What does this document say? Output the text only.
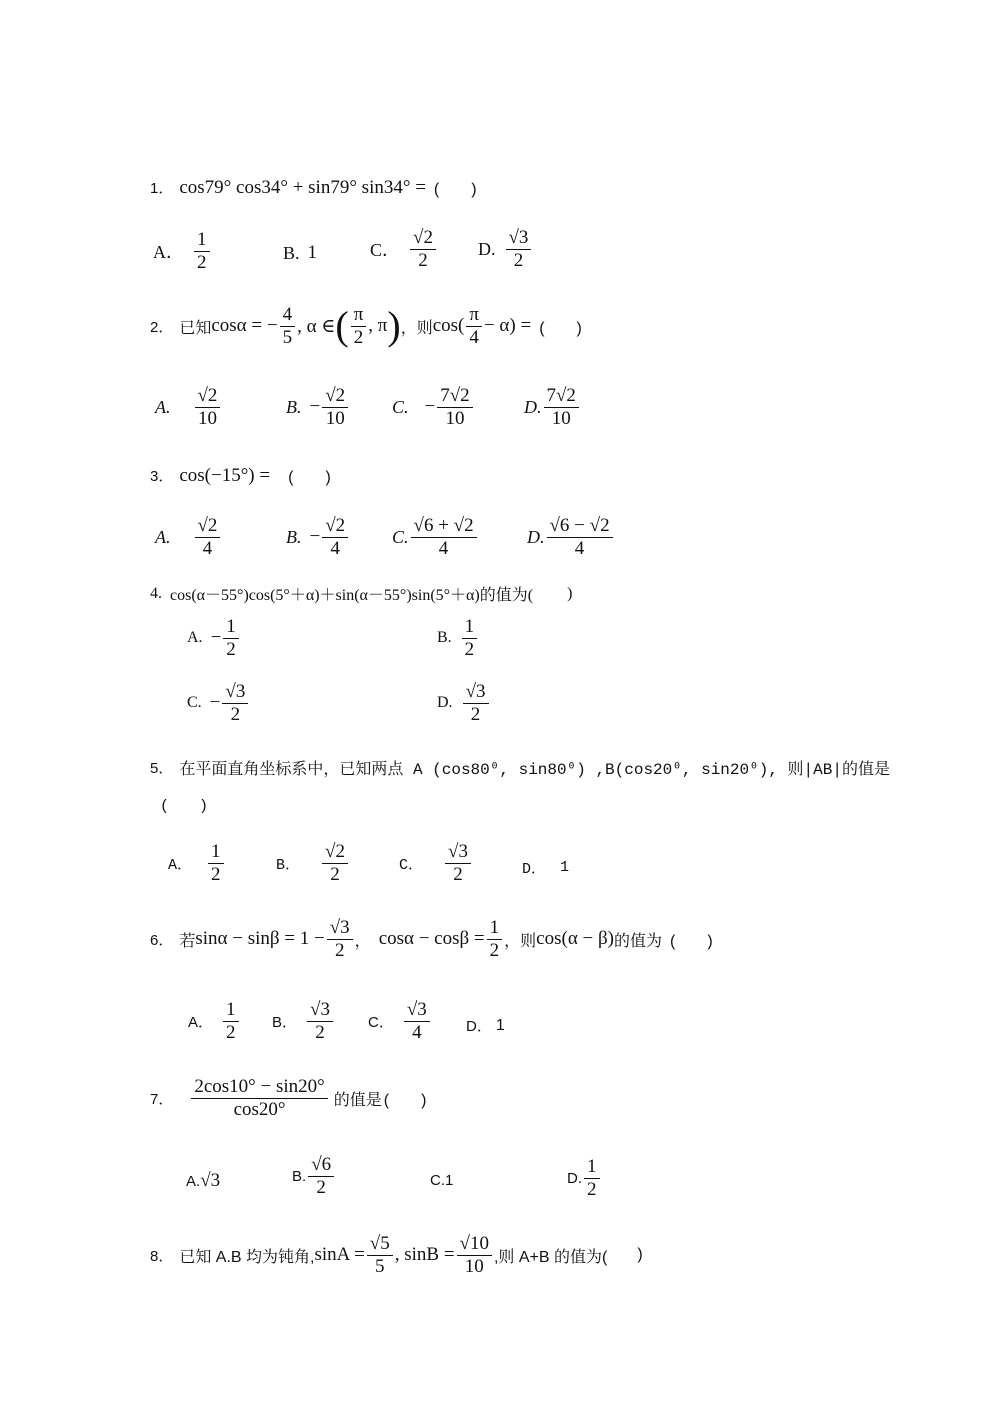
1． cos79° cos34° + sin79° sin34° = (　　)
A． $\frac{1}{2}$	B. 1	C． $\frac{√2}{2} D$. $\frac{√3}{2}$
2． 已知 cosα = − $\frac{4}{5}$ , α ∈ ( $\frac{\pi}{2}$ , π ) ，则 $\cos( \frac{\pi}{4} - \alpha)$ = (　　)
A. $\frac{√2}{10}$	B. − $\frac{√2}{10} C$. − $\frac{7√2}{10}$	D. $\frac{7√2}{10}$
3． cos(−15°) = (　　)
A. $\frac{√2}{4}$	B. − $\frac{√2}{4} C$. $\frac{√6 + √2}{4}$	D. $\frac{√6 - √2}{4}$
4. cos(α－55°)cos(5°＋α)＋sin(α－55°)sin(5°＋α)的值为( )
A. − $\frac{1}{2}$	B. $\frac{1}{2}$
C. − $\frac{√3}{2}$	D. $\frac{√3}{2}$
5． 在平面直角坐标系中，已知两点 A (cos80⁰, sin80⁰) ,B(cos20⁰, sin20⁰), 则|AB|的值是
(　　)
A． $\frac{1}{2}$	B． $\frac{√2}{2}$	C． $\frac{√3}{2}$	D． 1
6． 若 $\sin\alpha - \sin\beta = 1 - \frac{√3}{2}$ ， $\cos\alpha - \cos\beta = \frac{1}{2}$ ，则 cos(α − β) 的值为 (　　)
A． $\frac{1}{2}$ B． $\frac{√3}{2}$ C． $\frac{√3}{4}$ D． 1
7． $\frac{2\cos 10^\circ - \sin 20^\circ}{\cos 20^\circ}$ 的值是 (　　)
A. √3	B. $\frac{√6}{2}$	C. 1	D. $\frac{1}{2}$
8． 已知 A.B 均为钝角, $\sin A = \frac{√5}{5}$ , $\sin B = \frac{√10}{10}$ ,则 A+B 的值为( )
